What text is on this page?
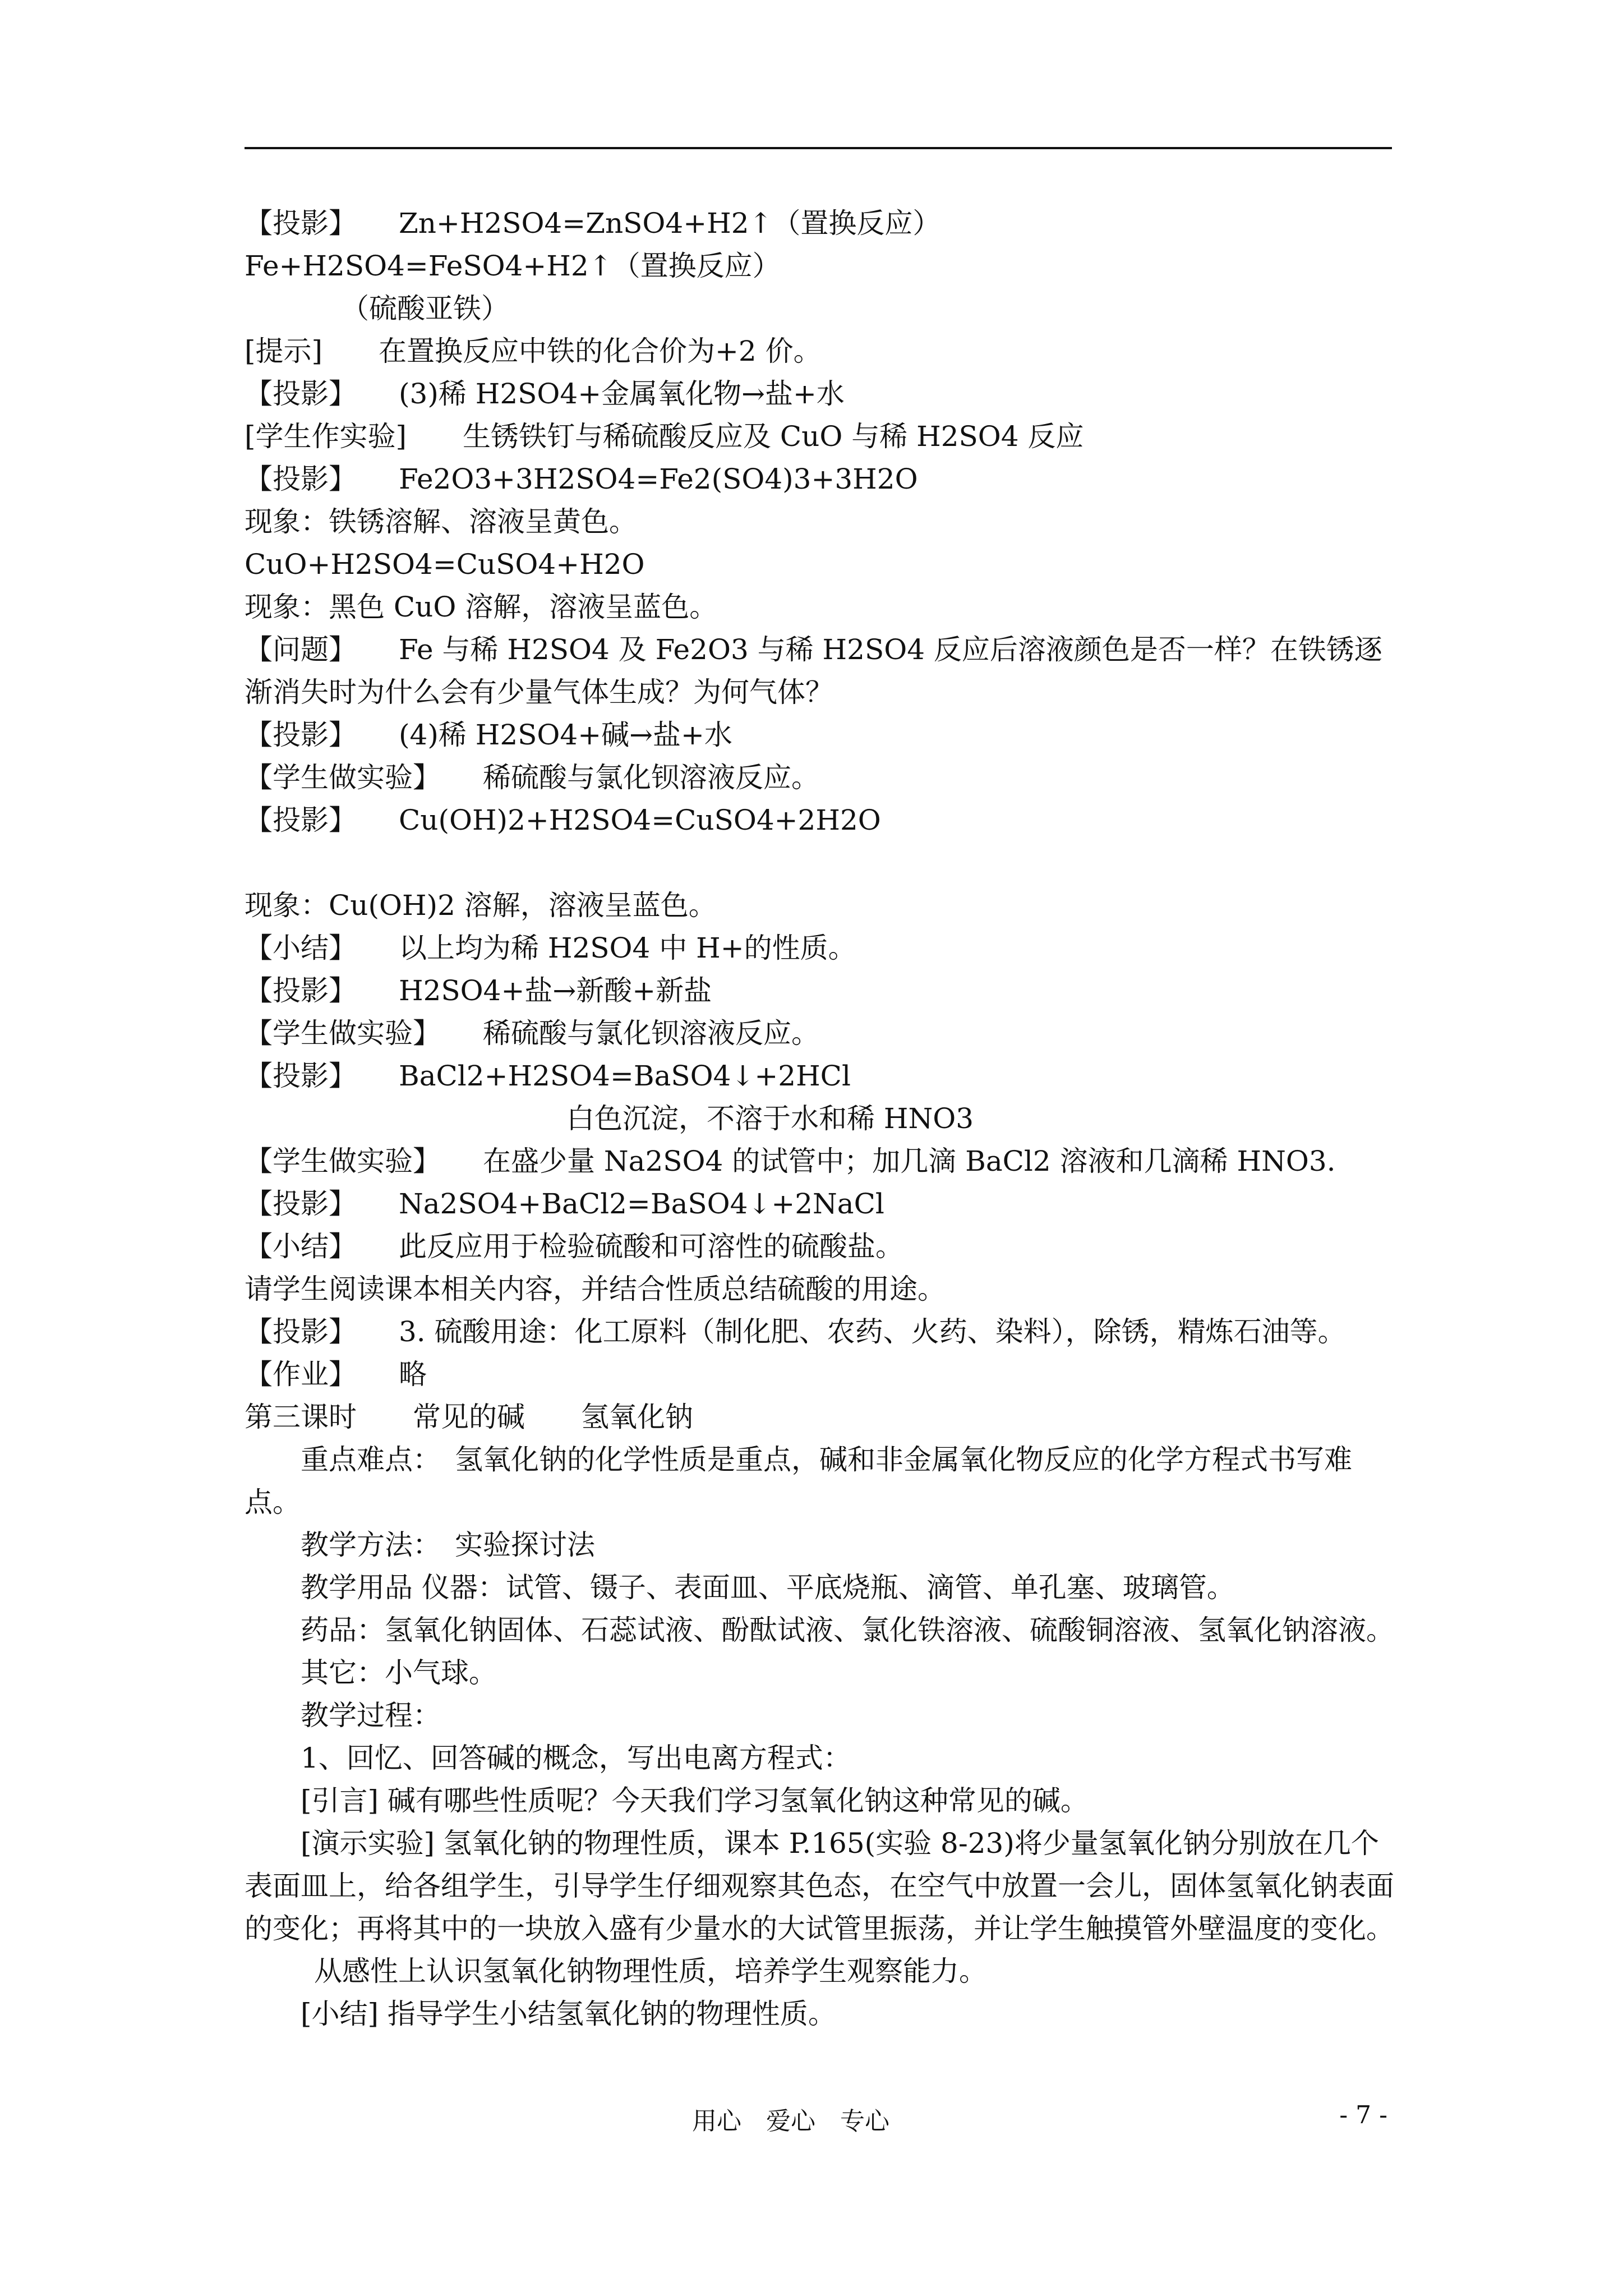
【投影】　　Zn+H2SO4=ZnSO4+H2↑（置换反应）
Fe+H2SO4=FeSO4+H2↑（置换反应）
（硫酸亚铁）
[提示]　　在置换反应中铁的化合价为+2 价。
【投影】　　(3)稀 H2SO4+金属氧化物→盐+水
[学生作实验]　　生锈铁钉与稀硫酸反应及 CuO 与稀 H2SO4 反应
【投影】　　Fe2O3+3H2SO4=Fe2(SO4)3+3H2O
现象：铁锈溶解、溶液呈黄色。
CuO+H2SO4=CuSO4+H2O
现象：黑色 CuO 溶解，溶液呈蓝色。
【问题】　　Fe 与稀 H2SO4 及 Fe2O3 与稀 H2SO4 反应后溶液颜色是否一样？在铁锈逐渐消失时为什么会有少量气体生成？为何气体？
【投影】　　(4)稀 H2SO4+碱→盐+水
【学生做实验】　　稀硫酸与氯化钡溶液反应。
【投影】　　Cu(OH)2+H2SO4=CuSO4+2H2O
现象：Cu(OH)2 溶解，溶液呈蓝色。
【小结】　　以上均为稀 H2SO4 中 H+的性质。
【投影】　　H2SO4+盐→新酸+新盐
【学生做实验】　　稀硫酸与氯化钡溶液反应。
【投影】　　BaCl2+H2SO4=BaSO4↓+2HCl
白色沉淀，不溶于水和稀 HNO3
【学生做实验】　　在盛少量 Na2SO4 的试管中；加几滴 BaCl2 溶液和几滴稀 HNO3.
【投影】　　Na2SO4+BaCl2=BaSO4↓+2NaCl
【小结】　　此反应用于检验硫酸和可溶性的硫酸盐。
请学生阅读课本相关内容，并结合性质总结硫酸的用途。
【投影】　　3. 硫酸用途：化工原料（制化肥、农药、火药、染料），除锈，精炼石油等。
【作业】　　略
第三课时　　常见的碱　　氢氧化钠
重点难点：　氢氧化钠的化学性质是重点，碱和非金属氧化物反应的化学方程式书写难点。
教学方法：　实验探讨法
教学用品 仪器：试管、镊子、表面皿、平底烧瓶、滴管、单孔塞、玻璃管。
药品：氢氧化钠固体、石蕊试液、酚酞试液、氯化铁溶液、硫酸铜溶液、氢氧化钠溶液。
其它：小气球。
教学过程：
1、回忆、回答碱的概念，写出电离方程式：
[引言] 碱有哪些性质呢？今天我们学习氢氧化钠这种常见的碱。
[演示实验] 氢氧化钠的物理性质，课本 P.165(实验 8-23)将少量氢氧化钠分别放在几个表面皿上，给各组学生，引导学生仔细观察其色态，在空气中放置一会儿，固体氢氧化钠表面的变化；再将其中的一块放入盛有少量水的大试管里振荡，并让学生触摸管外壁温度的变化。
从感性上认识氢氧化钠物理性质，培养学生观察能力。
[小结] 指导学生小结氢氧化钠的物理性质。
用心　爱心　专心	- 7 -
